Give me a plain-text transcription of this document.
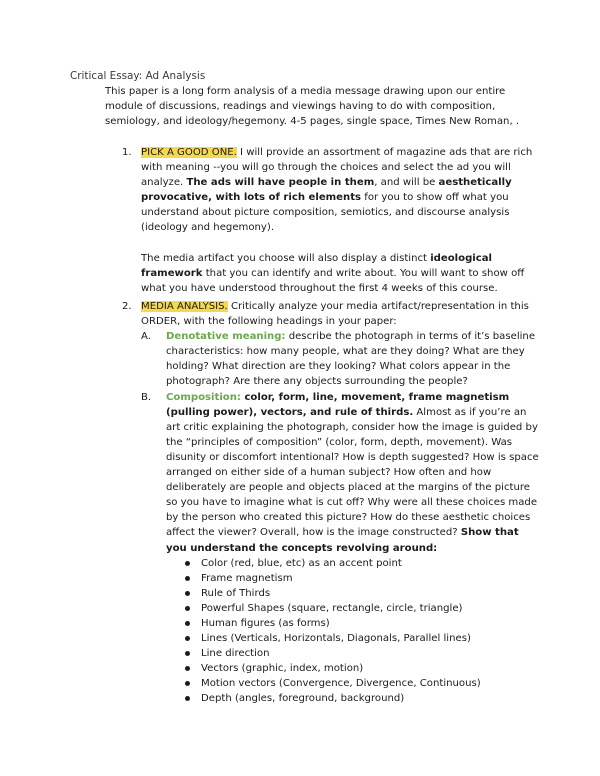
Critical Essay: Ad Analysis
This paper is a long form analysis of a media message drawing upon our entire module of discussions, readings and viewings having to do with composition, semiology, and ideology/hegemony. 4-5 pages, single space, Times New Roman, .
1. PICK A GOOD ONE. I will provide an assortment of magazine ads that are rich with meaning --you will go through the choices and select the ad you will analyze. The ads will have people in them, and will be aesthetically provocative, with lots of rich elements for you to show off what you understand about picture composition, semiotics, and discourse analysis (ideology and hegemony).
The media artifact you choose will also display a distinct ideological framework that you can identify and write about. You will want to show off what you have understood throughout the first 4 weeks of this course.
2. MEDIA ANALYSIS. Critically analyze your media artifact/representation in this ORDER, with the following headings in your paper:
A. Denotative meaning: describe the photograph in terms of it’s baseline characteristics: how many people, what are they doing? What are they holding? What direction are they looking? What colors appear in the photograph? Are there any objects surrounding the people?
B. Composition: color, form, line, movement, frame magnetism (pulling power), vectors, and rule of thirds. Almost as if you’re an art critic explaining the photograph, consider how the image is guided by the “principles of composition” (color, form, depth, movement). Was disunity or discomfort intentional? How is depth suggested? How is space arranged on either side of a human subject? How often and how deliberately are people and objects placed at the margins of the picture so you have to imagine what is cut off? Why were all these choices made by the person who created this picture? How do these aesthetic choices affect the viewer? Overall, how is the image constructed? Show that you understand the concepts revolving around:
Color (red, blue, etc) as an accent point
Frame magnetism
Rule of Thirds
Powerful Shapes (square, rectangle, circle, triangle)
Human figures (as forms)
Lines (Verticals, Horizontals, Diagonals, Parallel lines)
Line direction
Vectors (graphic, index, motion)
Motion vectors (Convergence, Divergence, Continuous)
Depth (angles, foreground, background)
